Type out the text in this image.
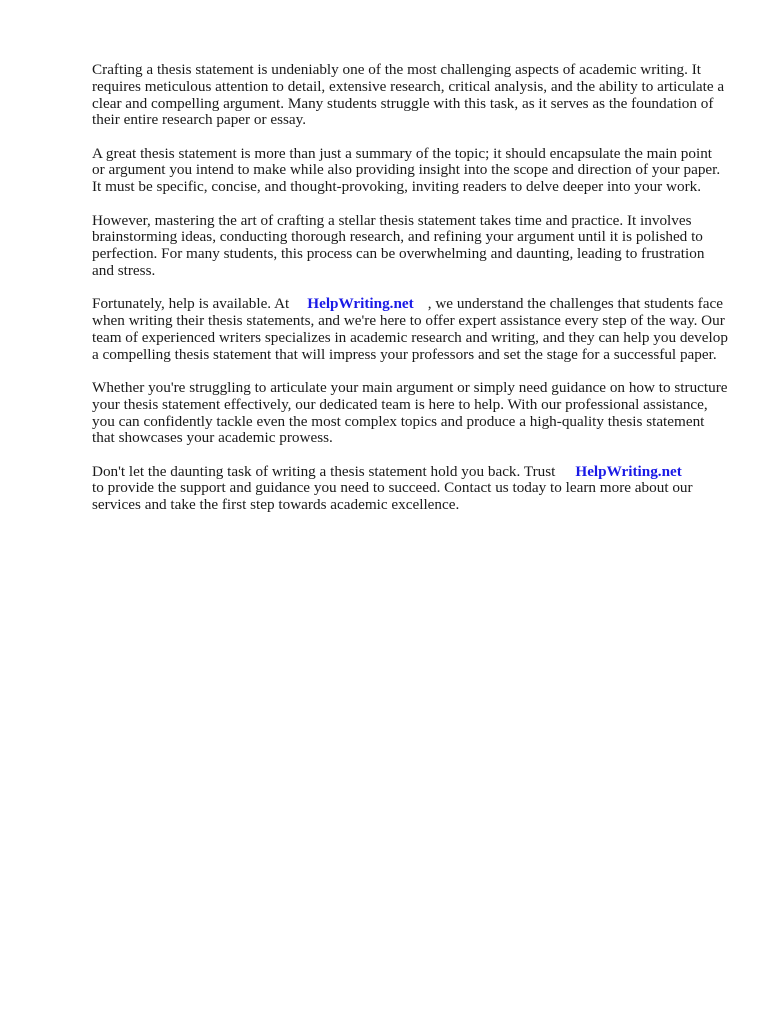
Crafting a thesis statement is undeniably one of the most challenging aspects of academic writing. It requires meticulous attention to detail, extensive research, critical analysis, and the ability to articulate a clear and compelling argument. Many students struggle with this task, as it serves as the foundation of their entire research paper or essay.

A great thesis statement is more than just a summary of the topic; it should encapsulate the main point or argument you intend to make while also providing insight into the scope and direction of your paper. It must be specific, concise, and thought-provoking, inviting readers to delve deeper into your work.

However, mastering the art of crafting a stellar thesis statement takes time and practice. It involves brainstorming ideas, conducting thorough research, and refining your argument until it is polished to perfection. For many students, this process can be overwhelming and daunting, leading to frustration and stress.

Fortunately, help is available. At HelpWriting.net , we understand the challenges that students face when writing their thesis statements, and we're here to offer expert assistance every step of the way. Our team of experienced writers specializes in academic research and writing, and they can help you develop a compelling thesis statement that will impress your professors and set the stage for a successful paper.

Whether you're struggling to articulate your main argument or simply need guidance on how to structure your thesis statement effectively, our dedicated team is here to help. With our professional assistance, you can confidently tackle even the most complex topics and produce a high-quality thesis statement that showcases your academic prowess.

Don't let the daunting task of writing a thesis statement hold you back. Trust HelpWriting.net
to provide the support and guidance you need to succeed. Contact us today to learn more about our services and take the first step towards academic excellence.
